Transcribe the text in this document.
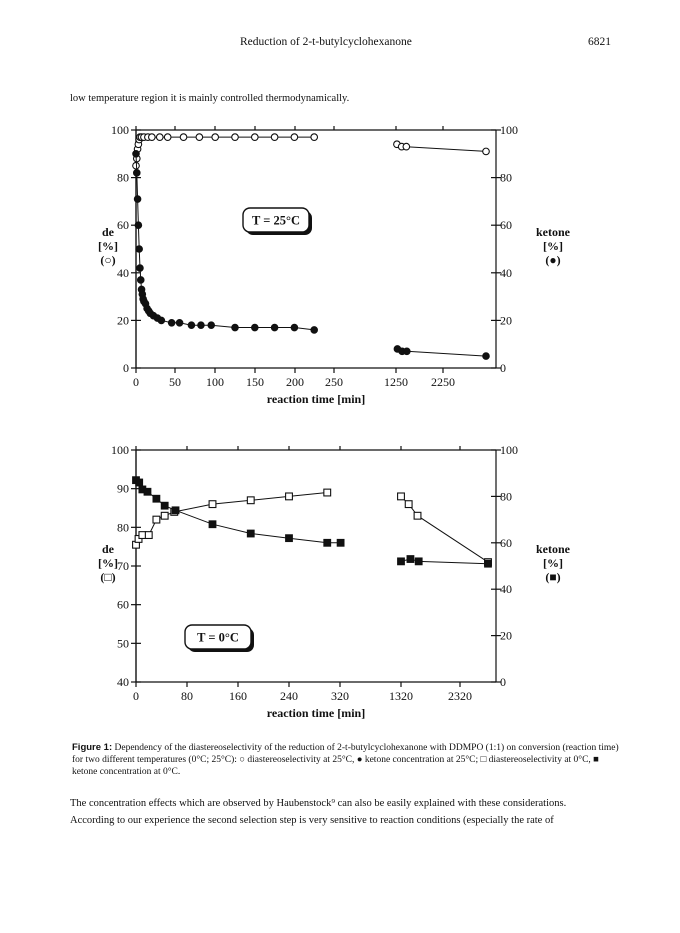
Reduction of 2-t-butylcyclohexanone	6821
low temperature region it is mainly controlled thermodynamically.
0	50 100 150 200 250	1250 2250
reaction time [min]
0
20
40
60
80
100
0
20
40
60
80
100
de
[%]
(○)
ketone
[%]
(●)
T = 25°C
0	80	160	240	320	1320	2320
reaction time [min]
40
50
60
70
80
90
100
0
20
40
60
80
100
de
[%]
(□)
ketone
[%]
(■)
T = 0°C
Figure 1: Dependency of the diastereoselectivity of the reduction of 2-t-butylcyclohexanone with DDMPO (1:1) on conversion (reaction time) for two different temperatures (0°C; 25°C): ○ diastereoselectivity at 25°C, ● ketone concentration at 25°C; □ diastereoselectivity at 0°C, ■ ketone concentration at 0°C.
The concentration effects which are observed by Haubenstock⁹ can also be easily explained with these considerations.
According to our experience the second selection step is very sensitive to reaction conditions (especially the rate of
